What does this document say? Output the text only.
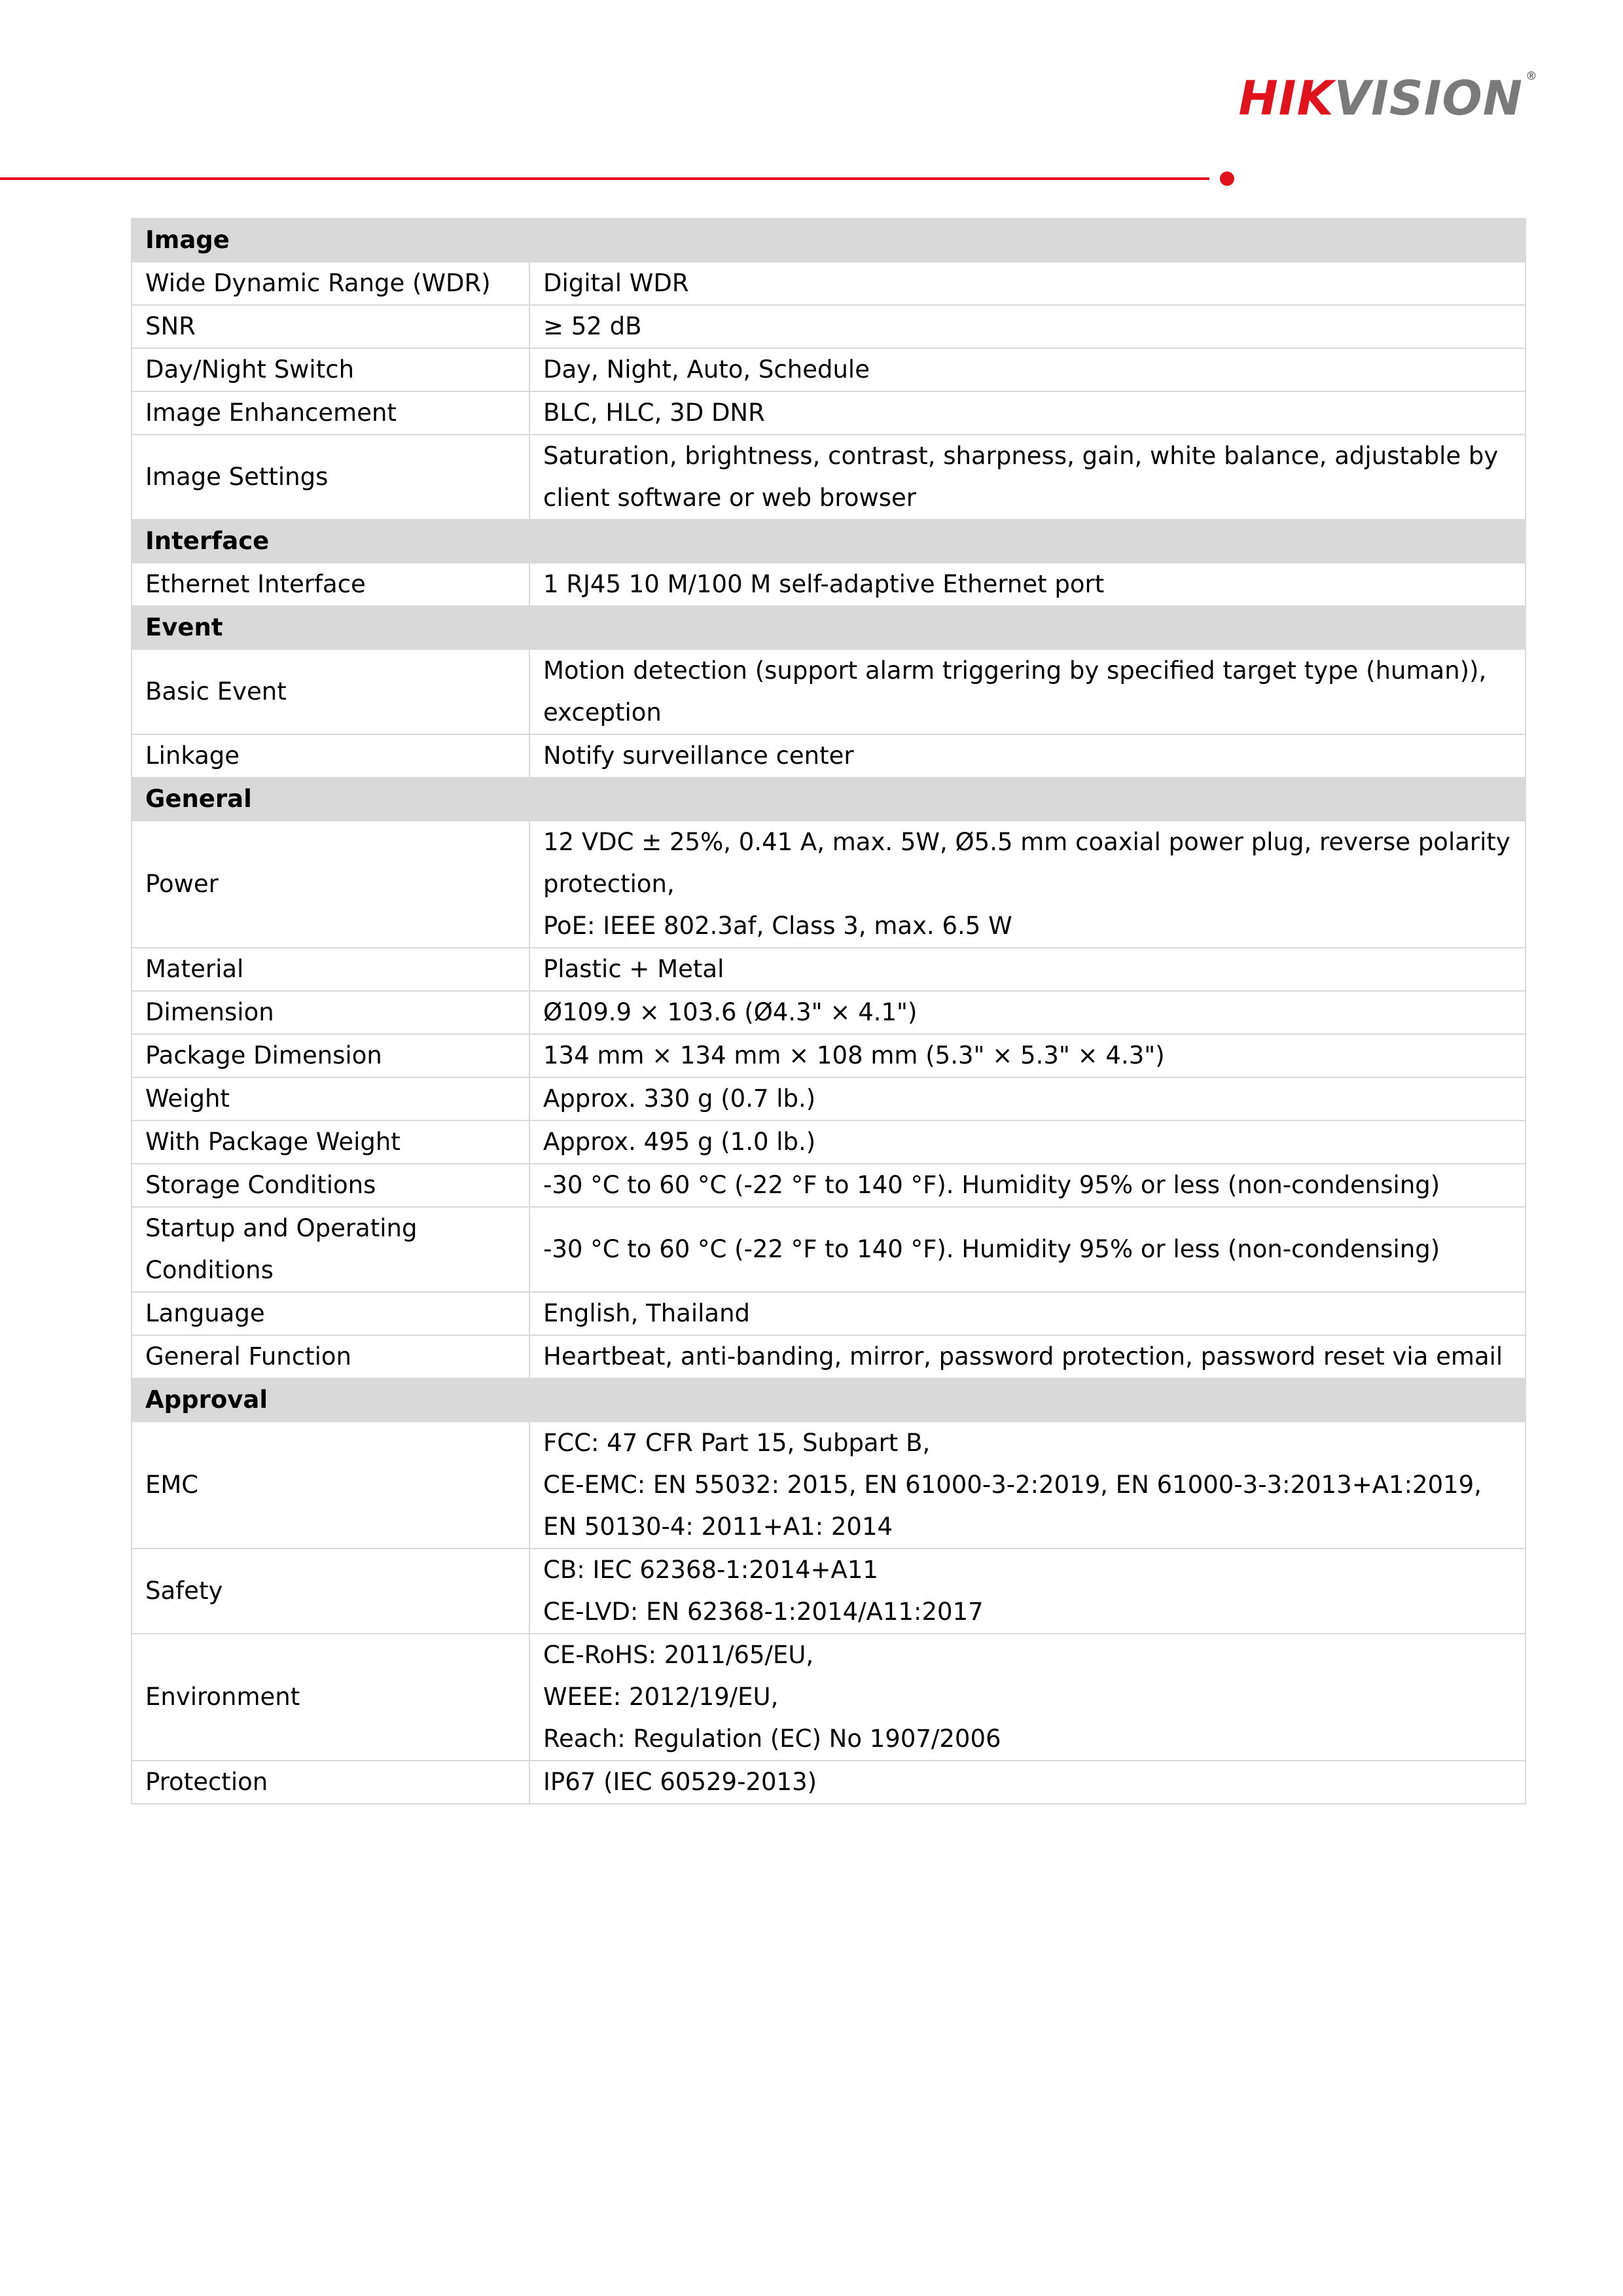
HIK VISION ®
Image	
Wide Dynamic Range (WDR)	Digital WDR

SNR	≥ 52 dB

Day/Night Switch	Day, Night, Auto, Schedule

Image Enhancement	BLC, HLC, 3D DNR

Image Settings	Saturation, brightness, contrast, sharpness, gain, white balance, adjustable by client software or web browser

Interface	
Ethernet Interface	1 RJ45 10 M/100 M self-adaptive Ethernet port

Event	
Basic Event	Motion detection (support alarm triggering by specified target type (human)), exception

Linkage	Notify surveillance center

General	
Power	12 VDC ± 25%, 0.41 A, max. 5W, Ø5.5 mm coaxial power plug, reverse polarity protection,
PoE: IEEE 802.3af, Class 3, max. 6.5 W

Material	Plastic + Metal

Dimension	Ø109.9 × 103.6 (Ø4.3" × 4.1")

Package Dimension	134 mm × 134 mm × 108 mm (5.3" × 5.3" × 4.3")

Weight	Approx. 330 g (0.7 lb.)

With Package Weight	Approx. 495 g (1.0 lb.)

Storage Conditions	-30 °C to 60 °C (-22 °F to 140 °F). Humidity 95% or less (non-condensing)

Startup and Operating Conditions	-30 °C to 60 °C (-22 °F to 140 °F). Humidity 95% or less (non-condensing)

Language	English, Thailand

General Function	Heartbeat, anti-banding, mirror, password protection, password reset via email

Approval	
EMC	FCC: 47 CFR Part 15, Subpart B,
CE-EMC: EN 55032: 2015, EN 61000-3-2:2019, EN 61000-3-3:2013+A1:2019, EN 50130-4: 2011+A1: 2014

Safety	CB: IEC 62368-1:2014+A11
CE-LVD: EN 62368-1:2014/A11:2017

Environment	CE-RoHS: 2011/65/EU,
WEEE: 2012/19/EU,
Reach: Regulation (EC) No 1907/2006

Protection	IP67 (IEC 60529-2013)
